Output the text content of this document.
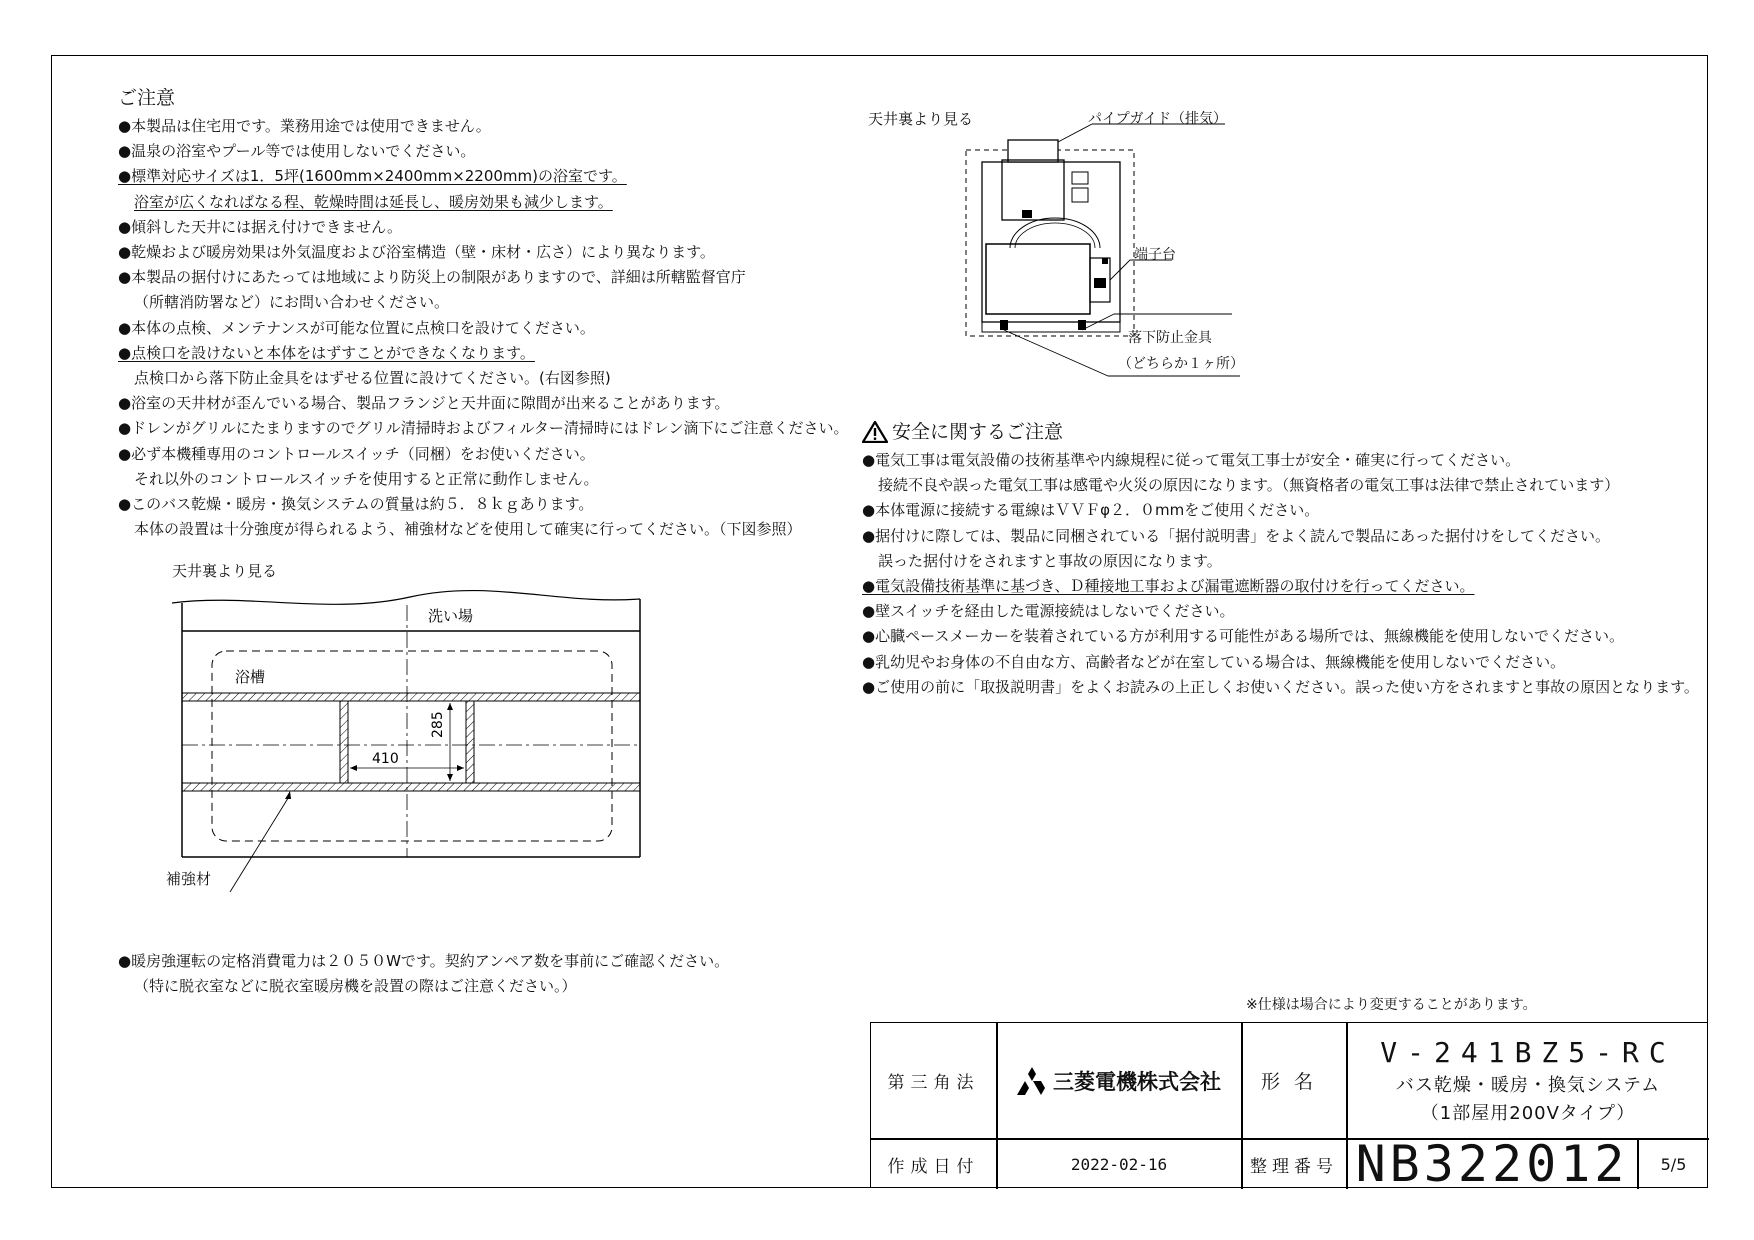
ご注意
●本製品は住宅用です。業務用途では使用できません。
●温泉の浴室やプール等では使用しないでください。
●標準対応サイズは1．5坪(1600mm×2400mm×2200mm)の浴室です。
浴室が広くなればなる程、乾燥時間は延長し、暖房効果も減少します。
●傾斜した天井には据え付けできません。
●乾燥および暖房効果は外気温度および浴室構造（壁・床材・広さ）により異なります。
●本製品の据付けにあたっては地域により防災上の制限がありますので、詳細は所轄監督官庁
（所轄消防署など）にお問い合わせください。
●本体の点検、メンテナンスが可能な位置に点検口を設けてください。
●点検口を設けないと本体をはずすことができなくなります。
点検口から落下防止金具をはずせる位置に設けてください。(右図参照)
●浴室の天井材が歪んでいる場合、製品フランジと天井面に隙間が出来ることがあります。
●ドレンがグリルにたまりますのでグリル清掃時およびフィルター清掃時にはドレン滴下にご注意ください。
●必ず本機種専用のコントロールスイッチ（同梱）をお使いください。
それ以外のコントロールスイッチを使用すると正常に動作しません。
●このバス乾燥・暖房・換気システムの質量は約５．８ｋｇあります。
本体の設置は十分強度が得られるよう、補強材などを使用して確実に行ってください。（下図参照）
天井裏より見る
410
285
洗い場
浴槽
補強材
●暖房強運転の定格消費電力は２０５０Wです。契約アンペア数を事前にご確認ください。
（特に脱衣室などに脱衣室暖房機を設置の際はご注意ください。）
天井裏より見る	パイプガイド（排気）
端子台
落下防止金具
（どちらか１ヶ所）
安全に関するご注意
●電気工事は電気設備の技術基準や内線規程に従って電気工事士が安全・確実に行ってください。
接続不良や誤った電気工事は感電や火災の原因になります。（無資格者の電気工事は法律で禁止されています）
●本体電源に接続する電線はＶＶＦφ２．０mmをご使用ください。
●据付けに際しては、製品に同梱されている「据付説明書」をよく読んで製品にあった据付けをしてください。
誤った据付けをされますと事故の原因になります。
●電気設備技術基準に基づき、Ｄ種接地工事および漏電遮断器の取付けを行ってください。
●壁スイッチを経由した電源接続はしないでください。
●心臓ペースメーカーを装着されている方が利用する可能性がある場所では、無線機能を使用しないでください。
●乳幼児やお身体の不自由な方、高齢者などが在室している場合は、無線機能を使用しないでください。
●ご使用の前に「取扱説明書」をよくお読みの上正しくお使いください。誤った使い方をされますと事故の原因となります。
※仕様は場合により変更することがあります。
第三角法	三菱電機株式会社	形名
V-241BZ5-RC
バス乾燥・暖房・換気システム
（1部屋用200Vタイプ）
作成日付	2022-02-16	整理番号 NB322012	5/5
